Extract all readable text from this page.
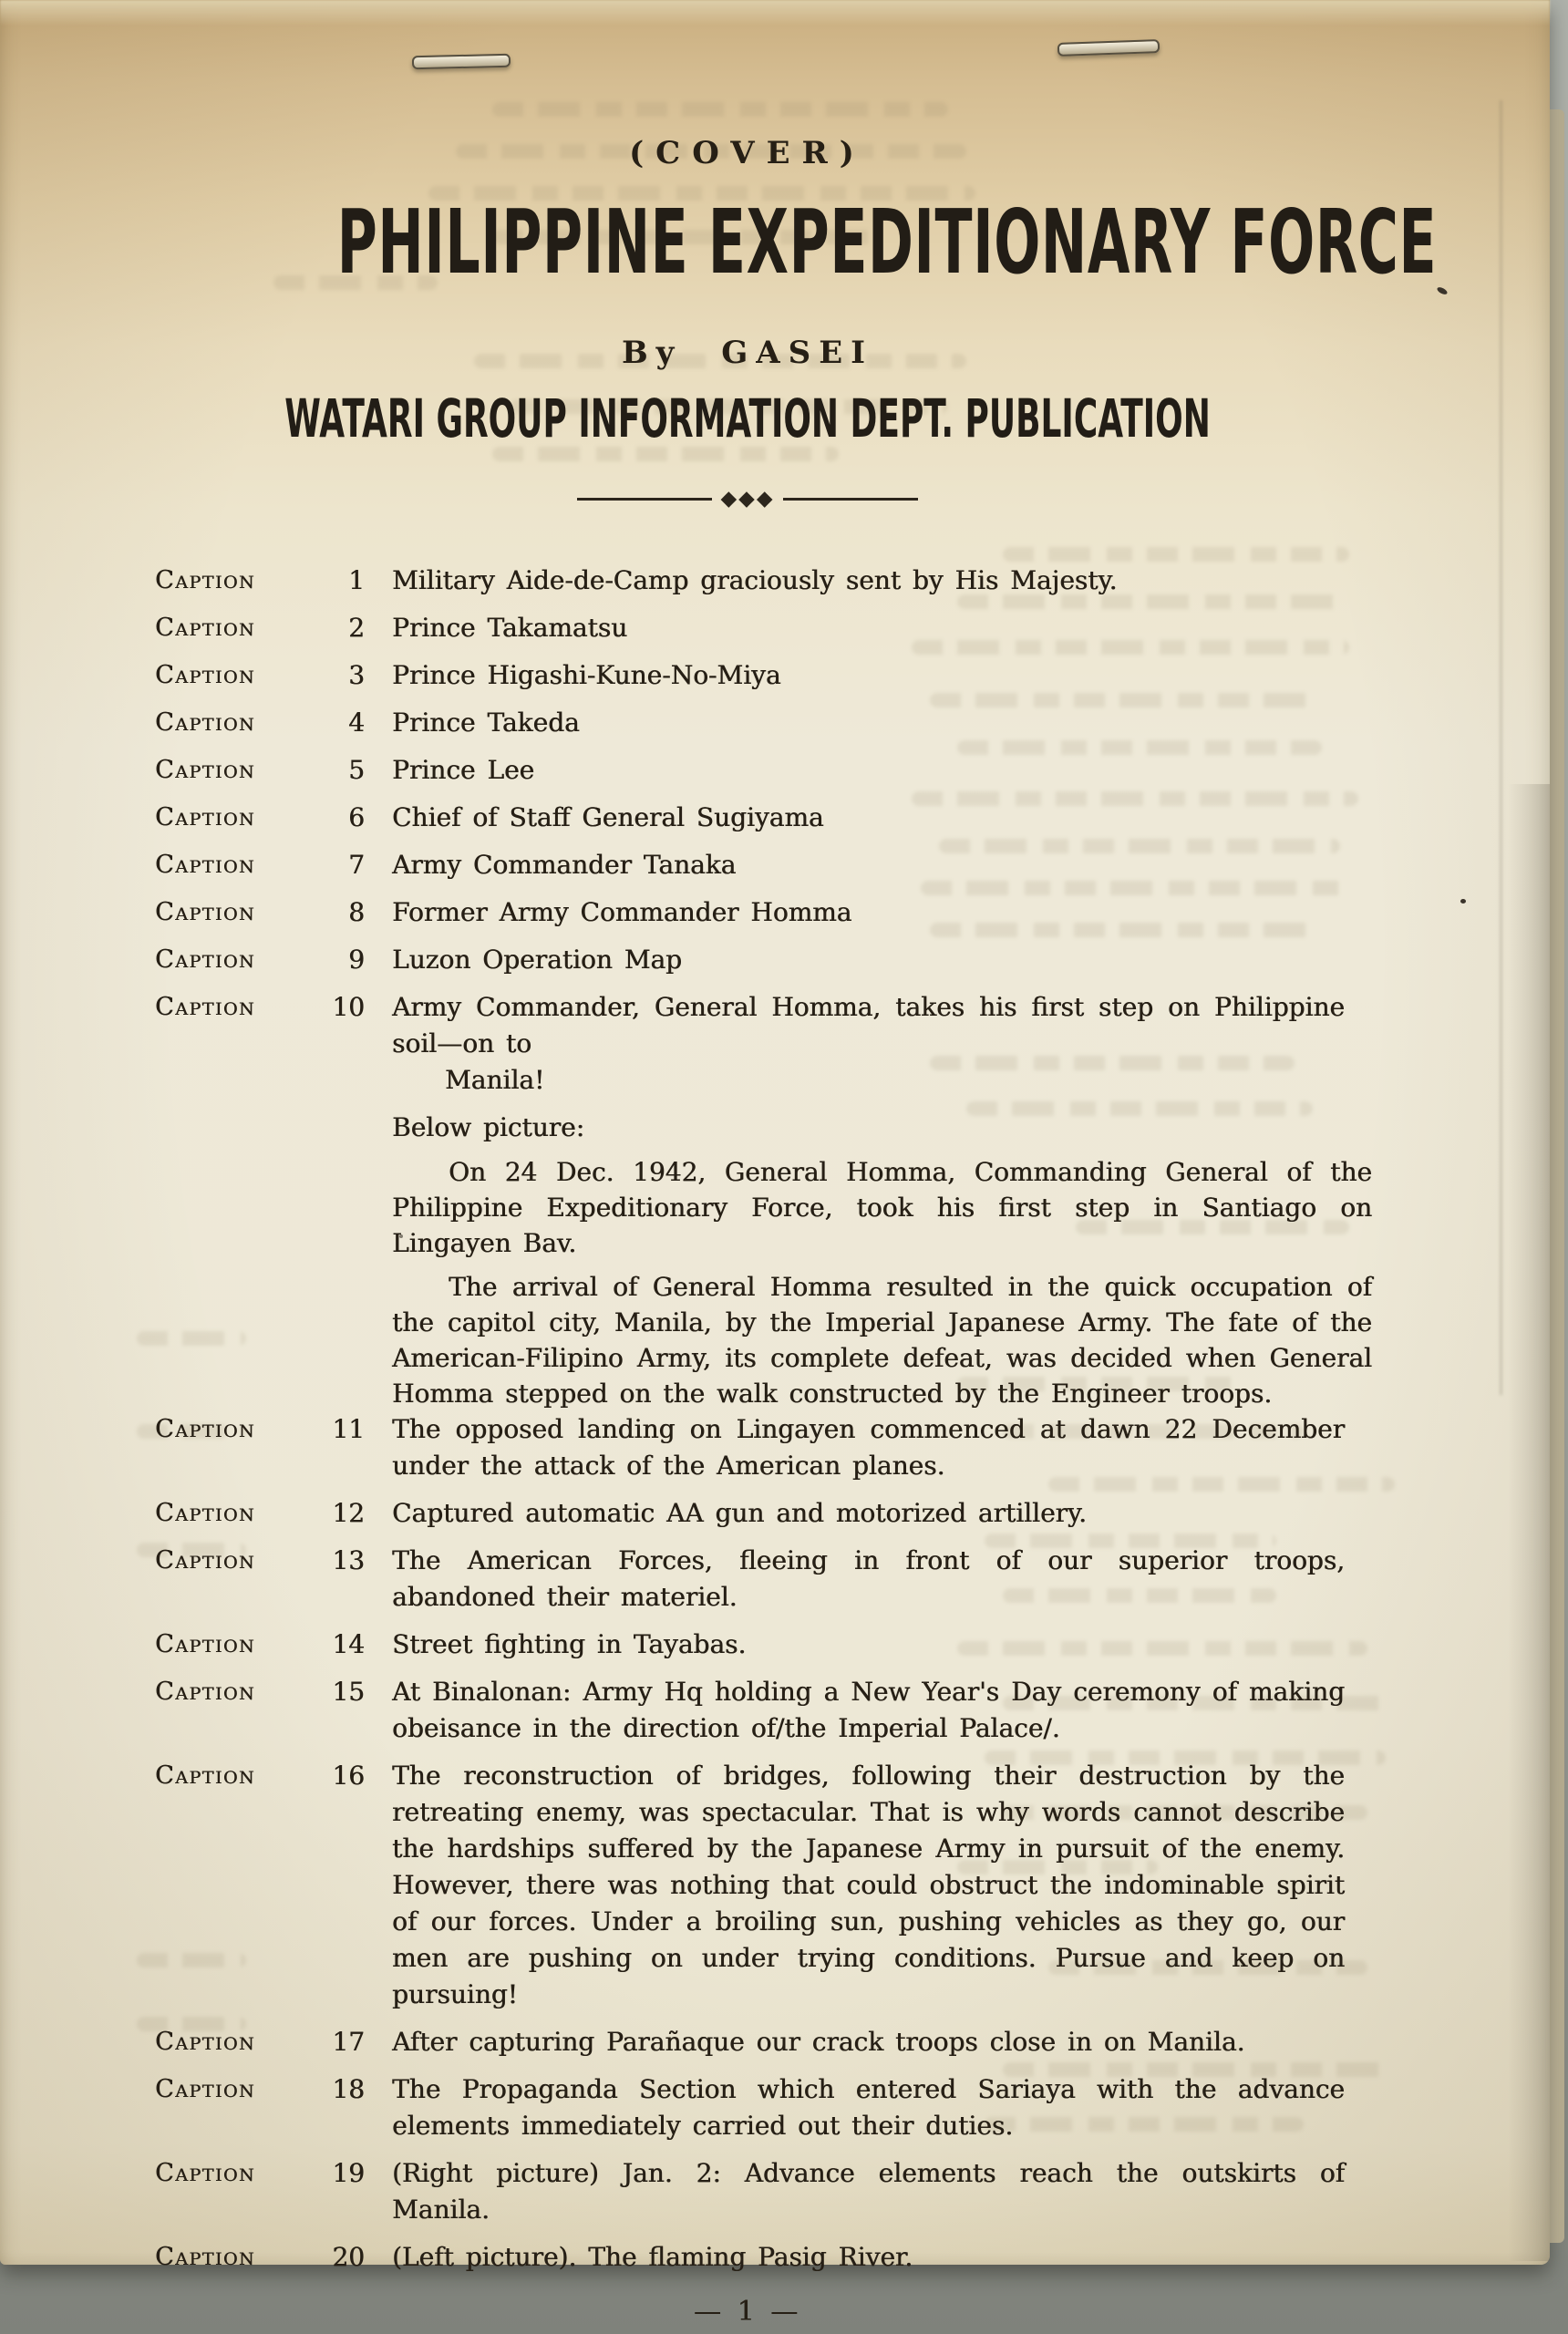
(COVER)
PHILIPPINE EXPEDITIONARY FORCE
By GASEI
WATARI GROUP INFORMATION DEPT. PUBLICATION
◆◆◆
Caption	1	Military Aide-de-Camp graciously sent by His Majesty.
Caption	2	Prince Takamatsu
Caption	3	Prince Higashi-Kune-No-Miya
Caption	4	Prince Takeda
Caption	5	Prince Lee
Caption	6	Chief of Staff General Sugiyama
Caption	7	Army Commander Tanaka
Caption	8	Former Army Commander Homma
Caption	9	Luzon Operation Map
Caption	10 Army Commander, General Homma, takes his first step on Philippine soil—on to
Manila!
Below picture:

On 24 Dec. 1942, General Homma, Commanding General of the Philippine Expeditionary Force, took his first step in Santiago on Lingayen Bav.

The arrival of General Homma resulted in the quick occupation of the capitol city, Manila, by the Imperial Japanese Army. The fate of the American-Filipino Army, its complete defeat, was decided when General Homma stepped on the walk constructed by the Engineer troops.

Caption	11	The opposed landing on Lingayen commenced at dawn 22 December under the attack of the American planes.
Caption	12	Captured automatic AA gun and motorized artillery.
Caption	13	The American Forces, fleeing in front of our superior troops, abandoned their materiel.
Caption	14	Street fighting in Tayabas.
Caption	15	At Binalonan: Army Hq holding a New Year's Day ceremony of making obeisance in the direction of/the Imperial Palace/.
Caption	16	The reconstruction of bridges, following their destruction by the retreating enemy, was spectacular. That is why words cannot describe the hardships suffered by the Japanese Army in pursuit of the enemy. However, there was nothing that could obstruct the indominable spirit of our forces. Under a broiling sun, pushing vehicles as they go, our men are pushing on under trying conditions. Pursue and keep on pursuing!
Caption	17	After capturing Parañaque our crack troops close in on Manila.
Caption	18	The Propaganda Section which entered Sariaya with the advance elements immediately carried out their duties.
Caption	19	(Right picture) Jan. 2: Advance elements reach the outskirts of Manila.
Caption	20	(Left picture). The flaming Pasig River.
— 1 —
